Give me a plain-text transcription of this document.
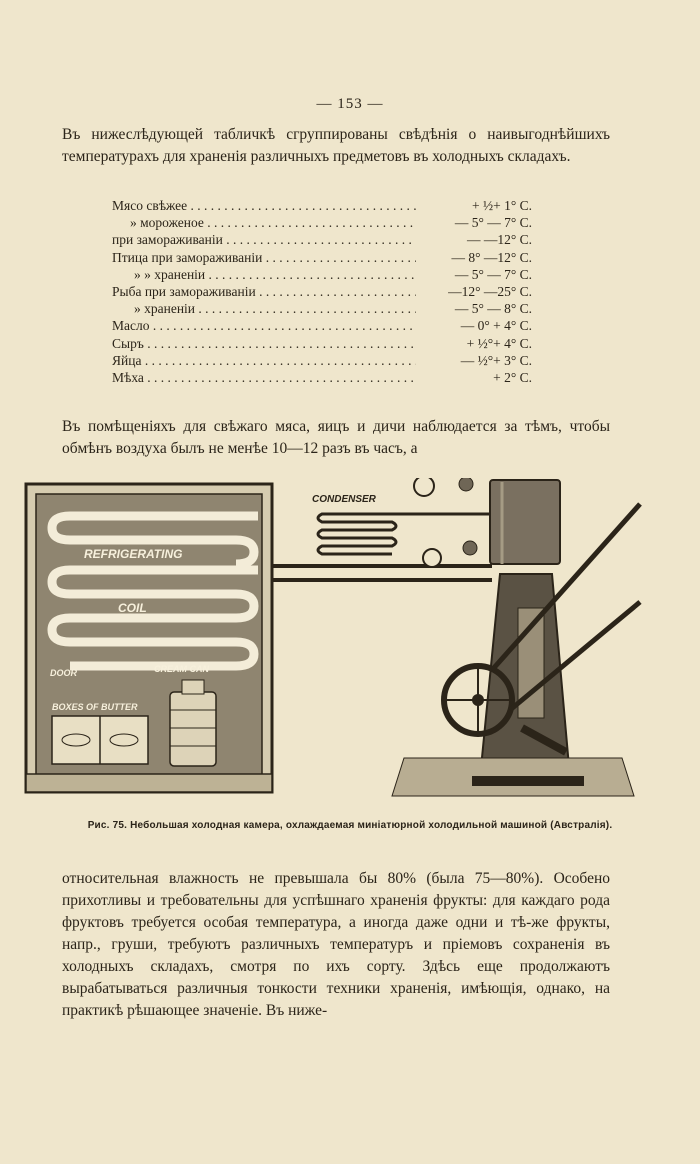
— 153 —
Въ нижеслѣдующей табличкѣ сгруппированы свѣдѣнія о наивыгоднѣйшихъ температурахъ для храненія различныхъ предметовъ въ холодныхъ складахъ.
Мясо свѣжее . . .	+ ½+ 1° С.
» мороженое . . .	— 5° — 7° С.
при замораживаніи . . .	— —12° С.
Птица при замораживаніи . . .	— 8° —12° С.
» » храненіи . . .	— 5° — 7° С.
Рыба при замораживаніи . . .	—12° —25° С.
» храненіи . . .	— 5° — 8° С.
Масло . . .	— 0° + 4° С.
Сыръ . . .	+ ½°+ 4° С.
Яйца . . .	— ½°+ 3° С.
Мѣха . . .	+ 2° С.
Въ помѣщеніяхъ для свѣжаго мяса, яицъ и дичи наблюдается за тѣмъ, чтобы обмѣнъ воздуха былъ не менѣе 10—12 разъ въ часъ, а
REFRIGERATING
COIL
DOOR	CREAM CAN
BOXES OF BUTTER
CONDENSER
Рис. 75. Небольшая холодная камера, охлаждаемая миніатюрной холодильной машиной (Австралія).
относительная влажность не превышала бы 80% (была 75—80%). Особено прихотливы и требовательны для успѣшнаго храненія фрукты: для каждаго рода фруктовъ требуется особая температура, а иногда даже одни и тѣ-же фрукты, напр., груши, требуютъ различныхъ температуръ и пріемовъ сохраненія въ холодныхъ складахъ, смотря по ихъ сорту. Здѣсь еще продолжаютъ вырабатываться различныя тонкости техники храненія, имѣющія, однако, на практикѣ рѣшающее значеніе. Въ ниже-
